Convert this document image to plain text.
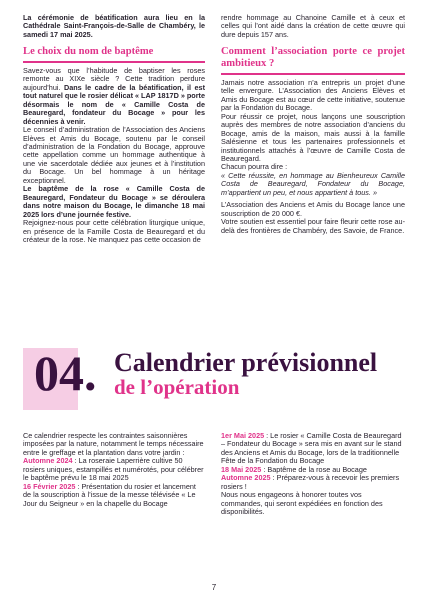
La cérémonie de béatification aura lieu en la Cathédrale Saint-François-de-Salle de Chambéry, le samedi 17 mai 2025.

Le choix du nom de baptême

Savez-vous que l’habitude de baptiser les roses remonte au XIXe siècle ? Cette tradition perdure aujourd’hui. Dans le cadre de la béatification, il est tout naturel que le rosier délicat « LAP 1817D » porte désormais le nom de « Camille Costa de Beauregard, fondateur du Bocage » pour les décennies à venir.

Le conseil d’administration de l’Association des Anciens Elèves et Amis du Bocage, soutenu par le conseil d’administration de la Fondation du Bocage, approuve cette appellation comme un hommage authentique à une vie sacerdotale dédiée aux jeunes et à l’institution du Bocage. Un bel hommage à un héritage exceptionnel.

Le baptême de la rose « Camille Costa de Beauregard, Fondateur du Bocage » se déroulera dans notre maison du Bocage, le dimanche 18 mai 2025 lors d’une journée festive.

Rejoignez-nous pour cette célébration liturgique unique, en présence de la Famille Costa de Beauregard et du créateur de la rose. Ne manquez pas cette occasion de

rendre hommage au Chanoine Camille et à ceux et celles qui l’ont aidé dans la création de cette œuvre qui dure depuis 157 ans.

Comment l’association porte ce projet ambitieux ?

Jamais notre association n’a entrepris un projet d’une telle envergure. L’Association des Anciens Elèves et Amis du Bocage est au cœur de cette initiative, soutenue par la Fondation du Bocage.

Pour réussir ce projet, nous lançons une souscription auprès des membres de notre association d’anciens du Bocage, amis de la maison, mais aussi à la famille Salésienne et tous les partenaires professionnels et institutionnels attachés à l’œuvre de Camille Costa de Beauregard.

Chacun pourra dire :

« Cette réussite, en hommage au Bienheureux Camille Costa de Beauregard, Fondateur du Bocage, m’appartient un peu, et nous appartient à tous. »

L’Association des Anciens et Amis du Bocage lance une souscription de 20 000 €.

Votre soutien est essentiel pour faire fleurir cette rose au-delà des frontières de Chambéry, des Savoie, de France.

04. Calendrier prévisionnel
de l’opération

Ce calendrier respecte les contraintes saisonnières imposées par la nature, notamment le temps nécessaire entre le greffage et la plantation dans votre jardin :

Automne 2024 : La roseraie Laperrière cultive 50 rosiers uniques, estampillés et numérotés, pour célébrer le baptême prévu le 18 mai 2025

16 Février 2025 : Présentation du rosier et lancement de la souscription à l’issue de la messe télévisée « Le Jour du Seigneur » en la chapelle du Bocage

1er Mai 2025 : Le rosier « Camille Costa de Beauregard – Fondateur du Bocage » sera mis en avant sur le stand des Anciens et Amis du Bocage, lors de la traditionnelle Fête de la Fondation du Bocage

18 Mai 2025 : Baptême de la rose au Bocage

Automne 2025 : Préparez-vous à recevoir les premiers rosiers !

Nous nous engageons à honorer toutes vos commandes, qui seront expédiées en fonction des disponibilités.

7
